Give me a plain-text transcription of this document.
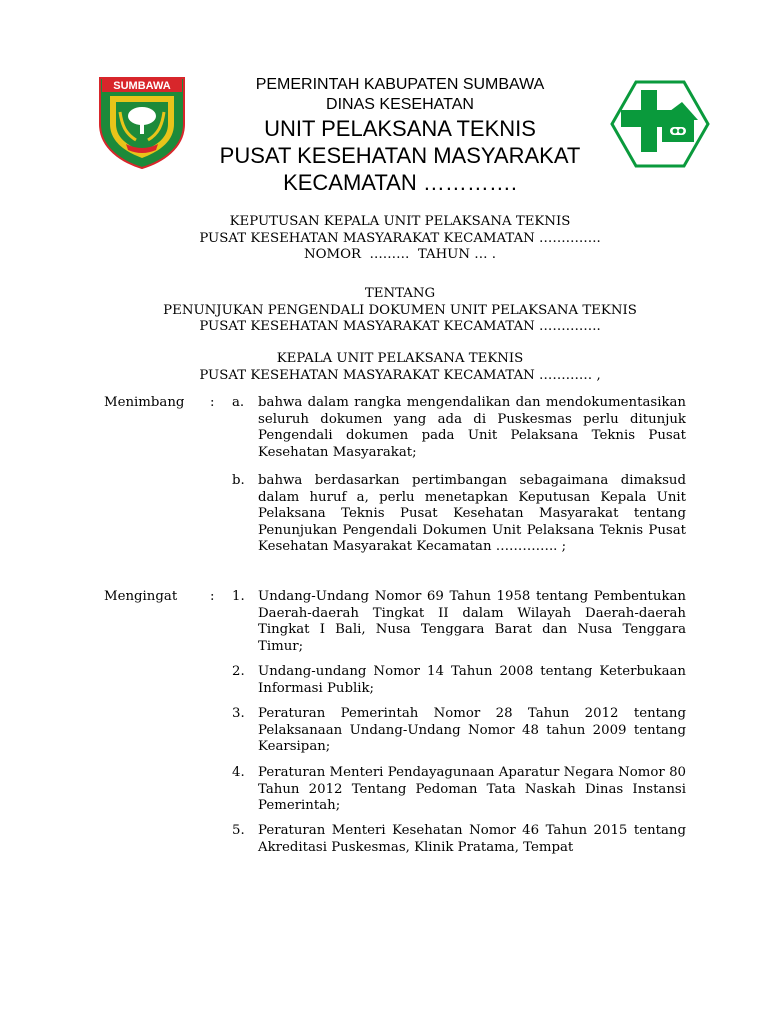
SUMBAWA	PEMERINTAH KABUPATEN SUMBAWA
DINAS KESEHATAN
UNIT PELAKSANA TEKNIS
PUSAT KESEHATAN MASYARAKAT
KECAMATAN ………….
KEPUTUSAN KEPALA UNIT PELAKSANA TEKNIS
PUSAT KESEHATAN MASYARAKAT KECAMATAN …………..
NOMOR  ………  TAHUN … .
TENTANG
PENUNJUKAN PENGENDALI DOKUMEN UNIT PELAKSANA TEKNIS
PUSAT KESEHATAN MASYARAKAT KECAMATAN …………..
KEPALA UNIT PELAKSANA TEKNIS
PUSAT KESEHATAN MASYARAKAT KECAMATAN ………… ,
Menimbang : a.	bahwa dalam rangka mengendalikan dan mendokumentasikan seluruh dokumen yang ada di Puskesmas perlu ditunjuk Pengendali dokumen pada Unit Pelaksana Teknis Pusat Kesehatan Masyarakat;
b. bahwa berdasarkan pertimbangan sebagaimana dimaksud dalam huruf a, perlu menetapkan Keputusan Kepala Unit Pelaksana Teknis Pusat Kesehatan Masyarakat tentang Penunjukan Pengendali Dokumen Unit Pelaksana Teknis Pusat Kesehatan Masyarakat Kecamatan ………….. ;
Mengingat : 1.	Undang-Undang Nomor 69 Tahun 1958 tentang Pembentukan Daerah-daerah Tingkat II dalam Wilayah Daerah-daerah Tingkat I Bali, Nusa Tenggara Barat dan Nusa Tenggara Timur;
2.	Undang-undang Nomor 14 Tahun 2008 tentang Keterbukaan Informasi Publik;
3.	Peraturan Pemerintah Nomor 28 Tahun 2012 tentang Pelaksanaan Undang-Undang Nomor 48 tahun 2009 tentang Kearsipan;
4.	Peraturan Menteri Pendayagunaan Aparatur Negara Nomor 80 Tahun 2012 Tentang Pedoman Tata Naskah Dinas Instansi Pemerintah;
5.	Peraturan Menteri Kesehatan Nomor 46 Tahun 2015 tentang Akreditasi Puskesmas, Klinik Pratama, Tempat
